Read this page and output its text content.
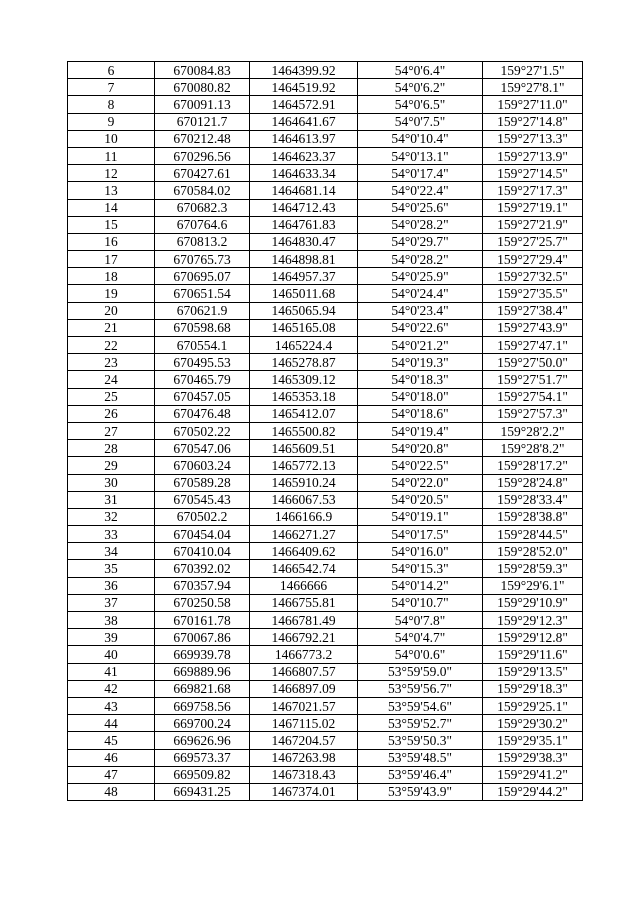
6	670084.83	1464399.92	54°0'6.4"	159°27'1.5"
7	670080.82	1464519.92	54°0'6.2"	159°27'8.1"
8	670091.13	1464572.91	54°0'6.5"	159°27'11.0"
9	670121.7	1464641.67	54°0'7.5"	159°27'14.8"
10	670212.48	1464613.97	54°0'10.4"	159°27'13.3"
11	670296.56	1464623.37	54°0'13.1"	159°27'13.9"
12	670427.61	1464633.34	54°0'17.4"	159°27'14.5"
13	670584.02	1464681.14	54°0'22.4"	159°27'17.3"
14	670682.3	1464712.43	54°0'25.6"	159°27'19.1"
15	670764.6	1464761.83	54°0'28.2"	159°27'21.9"
16	670813.2	1464830.47	54°0'29.7"	159°27'25.7"
17	670765.73	1464898.81	54°0'28.2"	159°27'29.4"
18	670695.07	1464957.37	54°0'25.9"	159°27'32.5"
19	670651.54	1465011.68	54°0'24.4"	159°27'35.5"
20	670621.9	1465065.94	54°0'23.4"	159°27'38.4"
21	670598.68	1465165.08	54°0'22.6"	159°27'43.9"
22	670554.1	1465224.4	54°0'21.2"	159°27'47.1"
23	670495.53	1465278.87	54°0'19.3"	159°27'50.0"
24	670465.79	1465309.12	54°0'18.3"	159°27'51.7"
25	670457.05	1465353.18	54°0'18.0"	159°27'54.1"
26	670476.48	1465412.07	54°0'18.6"	159°27'57.3"
27	670502.22	1465500.82	54°0'19.4"	159°28'2.2"
28	670547.06	1465609.51	54°0'20.8"	159°28'8.2"
29	670603.24	1465772.13	54°0'22.5"	159°28'17.2"
30	670589.28	1465910.24	54°0'22.0"	159°28'24.8"
31	670545.43	1466067.53	54°0'20.5"	159°28'33.4"
32	670502.2	1466166.9	54°0'19.1"	159°28'38.8"
33	670454.04	1466271.27	54°0'17.5"	159°28'44.5"
34	670410.04	1466409.62	54°0'16.0"	159°28'52.0"
35	670392.02	1466542.74	54°0'15.3"	159°28'59.3"
36	670357.94	1466666	54°0'14.2"	159°29'6.1"
37	670250.58	1466755.81	54°0'10.7"	159°29'10.9"
38	670161.78	1466781.49	54°0'7.8"	159°29'12.3"
39	670067.86	1466792.21	54°0'4.7"	159°29'12.8"
40	669939.78	1466773.2	54°0'0.6"	159°29'11.6"
41	669889.96	1466807.57	53°59'59.0"	159°29'13.5"
42	669821.68	1466897.09	53°59'56.7"	159°29'18.3"
43	669758.56	1467021.57	53°59'54.6"	159°29'25.1"
44	669700.24	1467115.02	53°59'52.7"	159°29'30.2"
45	669626.96	1467204.57	53°59'50.3"	159°29'35.1"
46	669573.37	1467263.98	53°59'48.5"	159°29'38.3"
47	669509.82	1467318.43	53°59'46.4"	159°29'41.2"
48	669431.25	1467374.01	53°59'43.9"	159°29'44.2"
